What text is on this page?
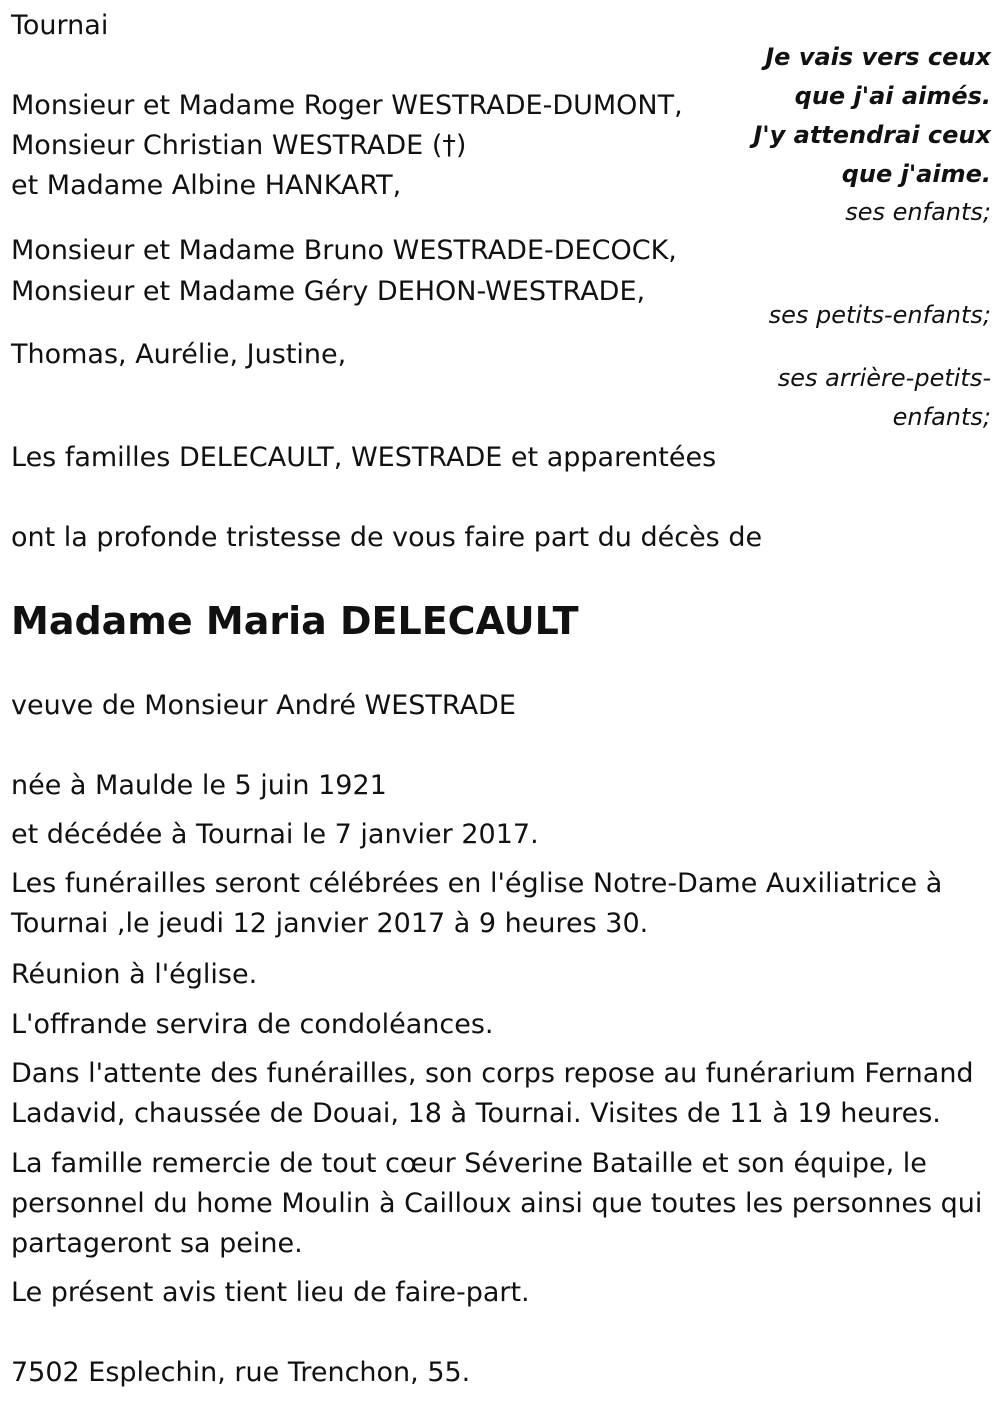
Tournai
Je vais vers ceux
que j'ai aimés.
J'y attendrai ceux
que j'aime.
Monsieur et Madame Roger WESTRADE-DUMONT,
Monsieur Christian WESTRADE (†)
et Madame Albine HANKART,
ses enfants;
Monsieur et Madame Bruno WESTRADE-DECOCK,
Monsieur et Madame Géry DEHON-WESTRADE,
ses petits-enfants;
Thomas, Aurélie, Justine,
ses arrière-petits-
enfants;
Les familles DELECAULT, WESTRADE et apparentées
ont la profonde tristesse de vous faire part du décès de
Madame Maria DELECAULT
veuve de Monsieur André WESTRADE
née à Maulde le 5 juin 1921
et décédée à Tournai le 7 janvier 2017.
Les funérailles seront célébrées en l'église Notre-Dame Auxiliatrice à
Tournai ,le jeudi 12 janvier 2017 à 9 heures 30.
Réunion à l'église.
L'offrande servira de condoléances.
Dans l'attente des funérailles, son corps repose au funérarium Fernand
Ladavid, chaussée de Douai, 18 à Tournai. Visites de 11 à 19 heures.
La famille remercie de tout cœur Séverine Bataille et son équipe, le
personnel du home Moulin à Cailloux ainsi que toutes les personnes qui
partageront sa peine.
Le présent avis tient lieu de faire-part.
7502 Esplechin, rue Trenchon, 55.
